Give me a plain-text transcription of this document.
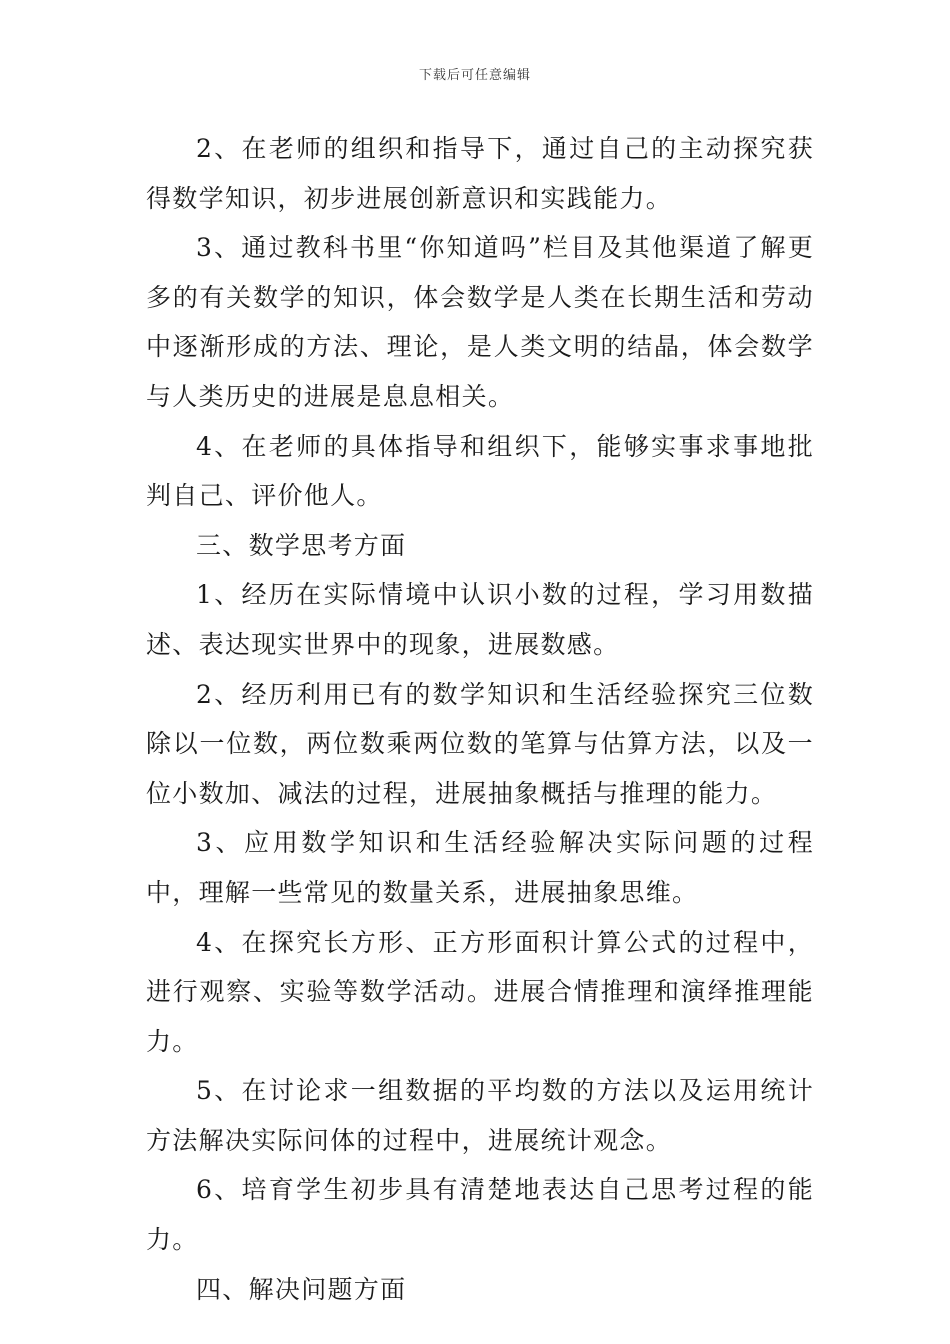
下载后可任意编辑

2、在老师的组织和指导下，通过自己的主动探究获得数学知识，初步进展创新意识和实践能力。

3、通过教科书里“你知道吗”栏目及其他渠道了解更多的有关数学的知识，体会数学是人类在长期生活和劳动中逐渐形成的方法、理论，是人类文明的结晶，体会数学与人类历史的进展是息息相关。

4、在老师的具体指导和组织下，能够实事求事地批判自己、评价他人。

三、数学思考方面

1、经历在实际情境中认识小数的过程，学习用数描述、表达现实世界中的现象，进展数感。

2、经历利用已有的数学知识和生活经验探究三位数除以一位数，两位数乘两位数的笔算与估算方法，以及一位小数加、减法的过程，进展抽象概括与推理的能力。

3、应用数学知识和生活经验解决实际问题的过程中，理解一些常见的数量关系，进展抽象思维。

4、在探究长方形、正方形面积计算公式的过程中，进行观察、实验等数学活动。进展合情推理和演绎推理能力。

5、在讨论求一组数据的平均数的方法以及运用统计方法解决实际问体的过程中，进展统计观念。

6、培育学生初步具有清楚地表达自己思考过程的能力。

四、解决问题方面
